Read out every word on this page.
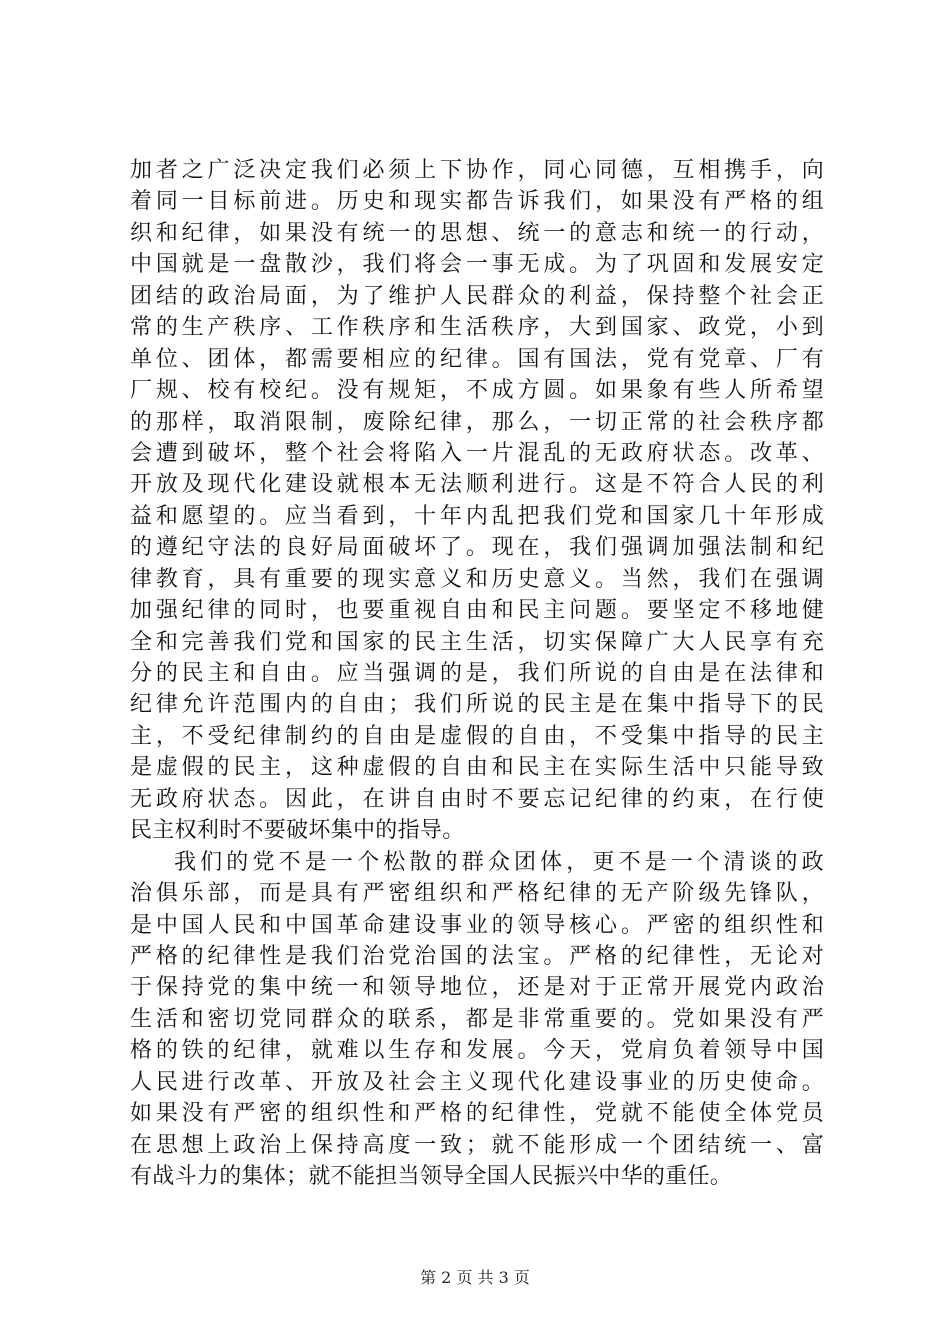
加者之广泛决定我们必须上下协作，同心同德，互相携手，向
着同一目标前进。历史和现实都告诉我们，如果没有严格的组
织和纪律，如果没有统一的思想、统一的意志和统一的行动，
中国就是一盘散沙，我们将会一事无成。为了巩固和发展安定
团结的政治局面，为了维护人民群众的利益，保持整个社会正
常的生产秩序、工作秩序和生活秩序，大到国家、政党，小到
单位、团体，都需要相应的纪律。国有国法，党有党章、厂有
厂规、校有校纪。没有规矩，不成方圆。如果象有些人所希望
的那样，取消限制，废除纪律，那么，一切正常的社会秩序都
会遭到破坏，整个社会将陷入一片混乱的无政府状态。改革、
开放及现代化建设就根本无法顺利进行。这是不符合人民的利
益和愿望的。应当看到，十年内乱把我们党和国家几十年形成
的遵纪守法的良好局面破坏了。现在，我们强调加强法制和纪
律教育，具有重要的现实意义和历史意义。当然，我们在强调
加强纪律的同时，也要重视自由和民主问题。要坚定不移地健
全和完善我们党和国家的民主生活，切实保障广大人民享有充
分的民主和自由。应当强调的是，我们所说的自由是在法律和
纪律允许范围内的自由；我们所说的民主是在集中指导下的民
主，不受纪律制约的自由是虚假的自由，不受集中指导的民主
是虚假的民主，这种虚假的自由和民主在实际生活中只能导致
无政府状态。因此，在讲自由时不要忘记纪律的约束，在行使
民主权利时不要破坏集中的指导。
我们的党不是一个松散的群众团体，更不是一个清谈的政
治俱乐部，而是具有严密组织和严格纪律的无产阶级先锋队，
是中国人民和中国革命建设事业的领导核心。严密的组织性和
严格的纪律性是我们治党治国的法宝。严格的纪律性，无论对
于保持党的集中统一和领导地位，还是对于正常开展党内政治
生活和密切党同群众的联系，都是非常重要的。党如果没有严
格的铁的纪律，就难以生存和发展。今天，党肩负着领导中国
人民进行改革、开放及社会主义现代化建设事业的历史使命。
如果没有严密的组织性和严格的纪律性，党就不能使全体党员
在思想上政治上保持高度一致；就不能形成一个团结统一、富
有战斗力的集体；就不能担当领导全国人民振兴中华的重任。
第 2 页 共 3 页
